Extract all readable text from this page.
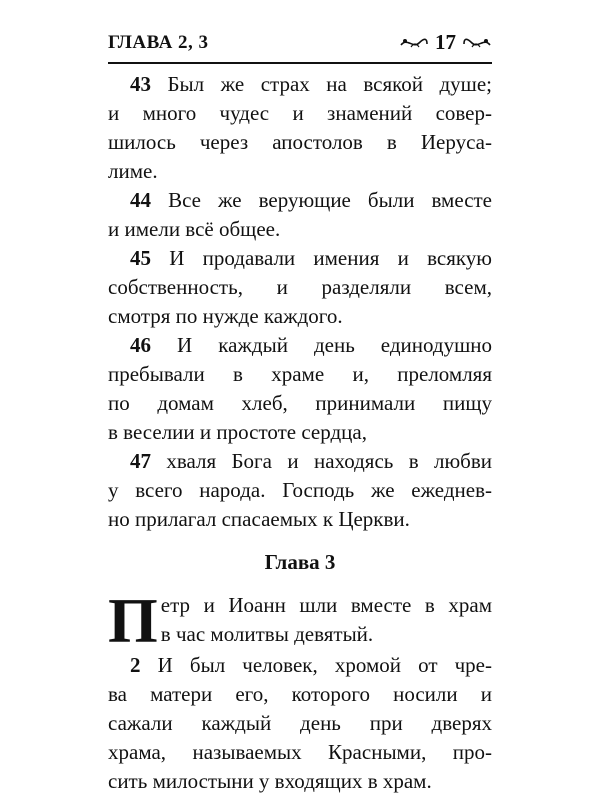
ГЛАВА 2, 3	17
43 Был же страх на всякой душе;
и много чудес и знамений совер-
шилось через апостолов в Иеруса-
лиме.
44 Все же верующие были вместе
и имели всё общее.
45 И продавали имения и всякую
собственность, и разделяли всем,
смотря по нужде каждого.
46 И каждый день единодушно
пребывали в храме и, преломляя
по домам хлеб, принимали пищу
в веселии и простоте сердца,
47 хваля Бога и находясь в любви
у всего народа. Господь же ежеднев-
но прилагал спасаемых к Церкви.
Глава 3
П етр и Иоанн шли вместе в храм
в час молитвы девятый.
2 И был человек, хромой от чре-
ва матери его, которого носили и
сажали каждый день при дверях
храма, называемых Красными, про-
сить милостыни у входящих в храм.
